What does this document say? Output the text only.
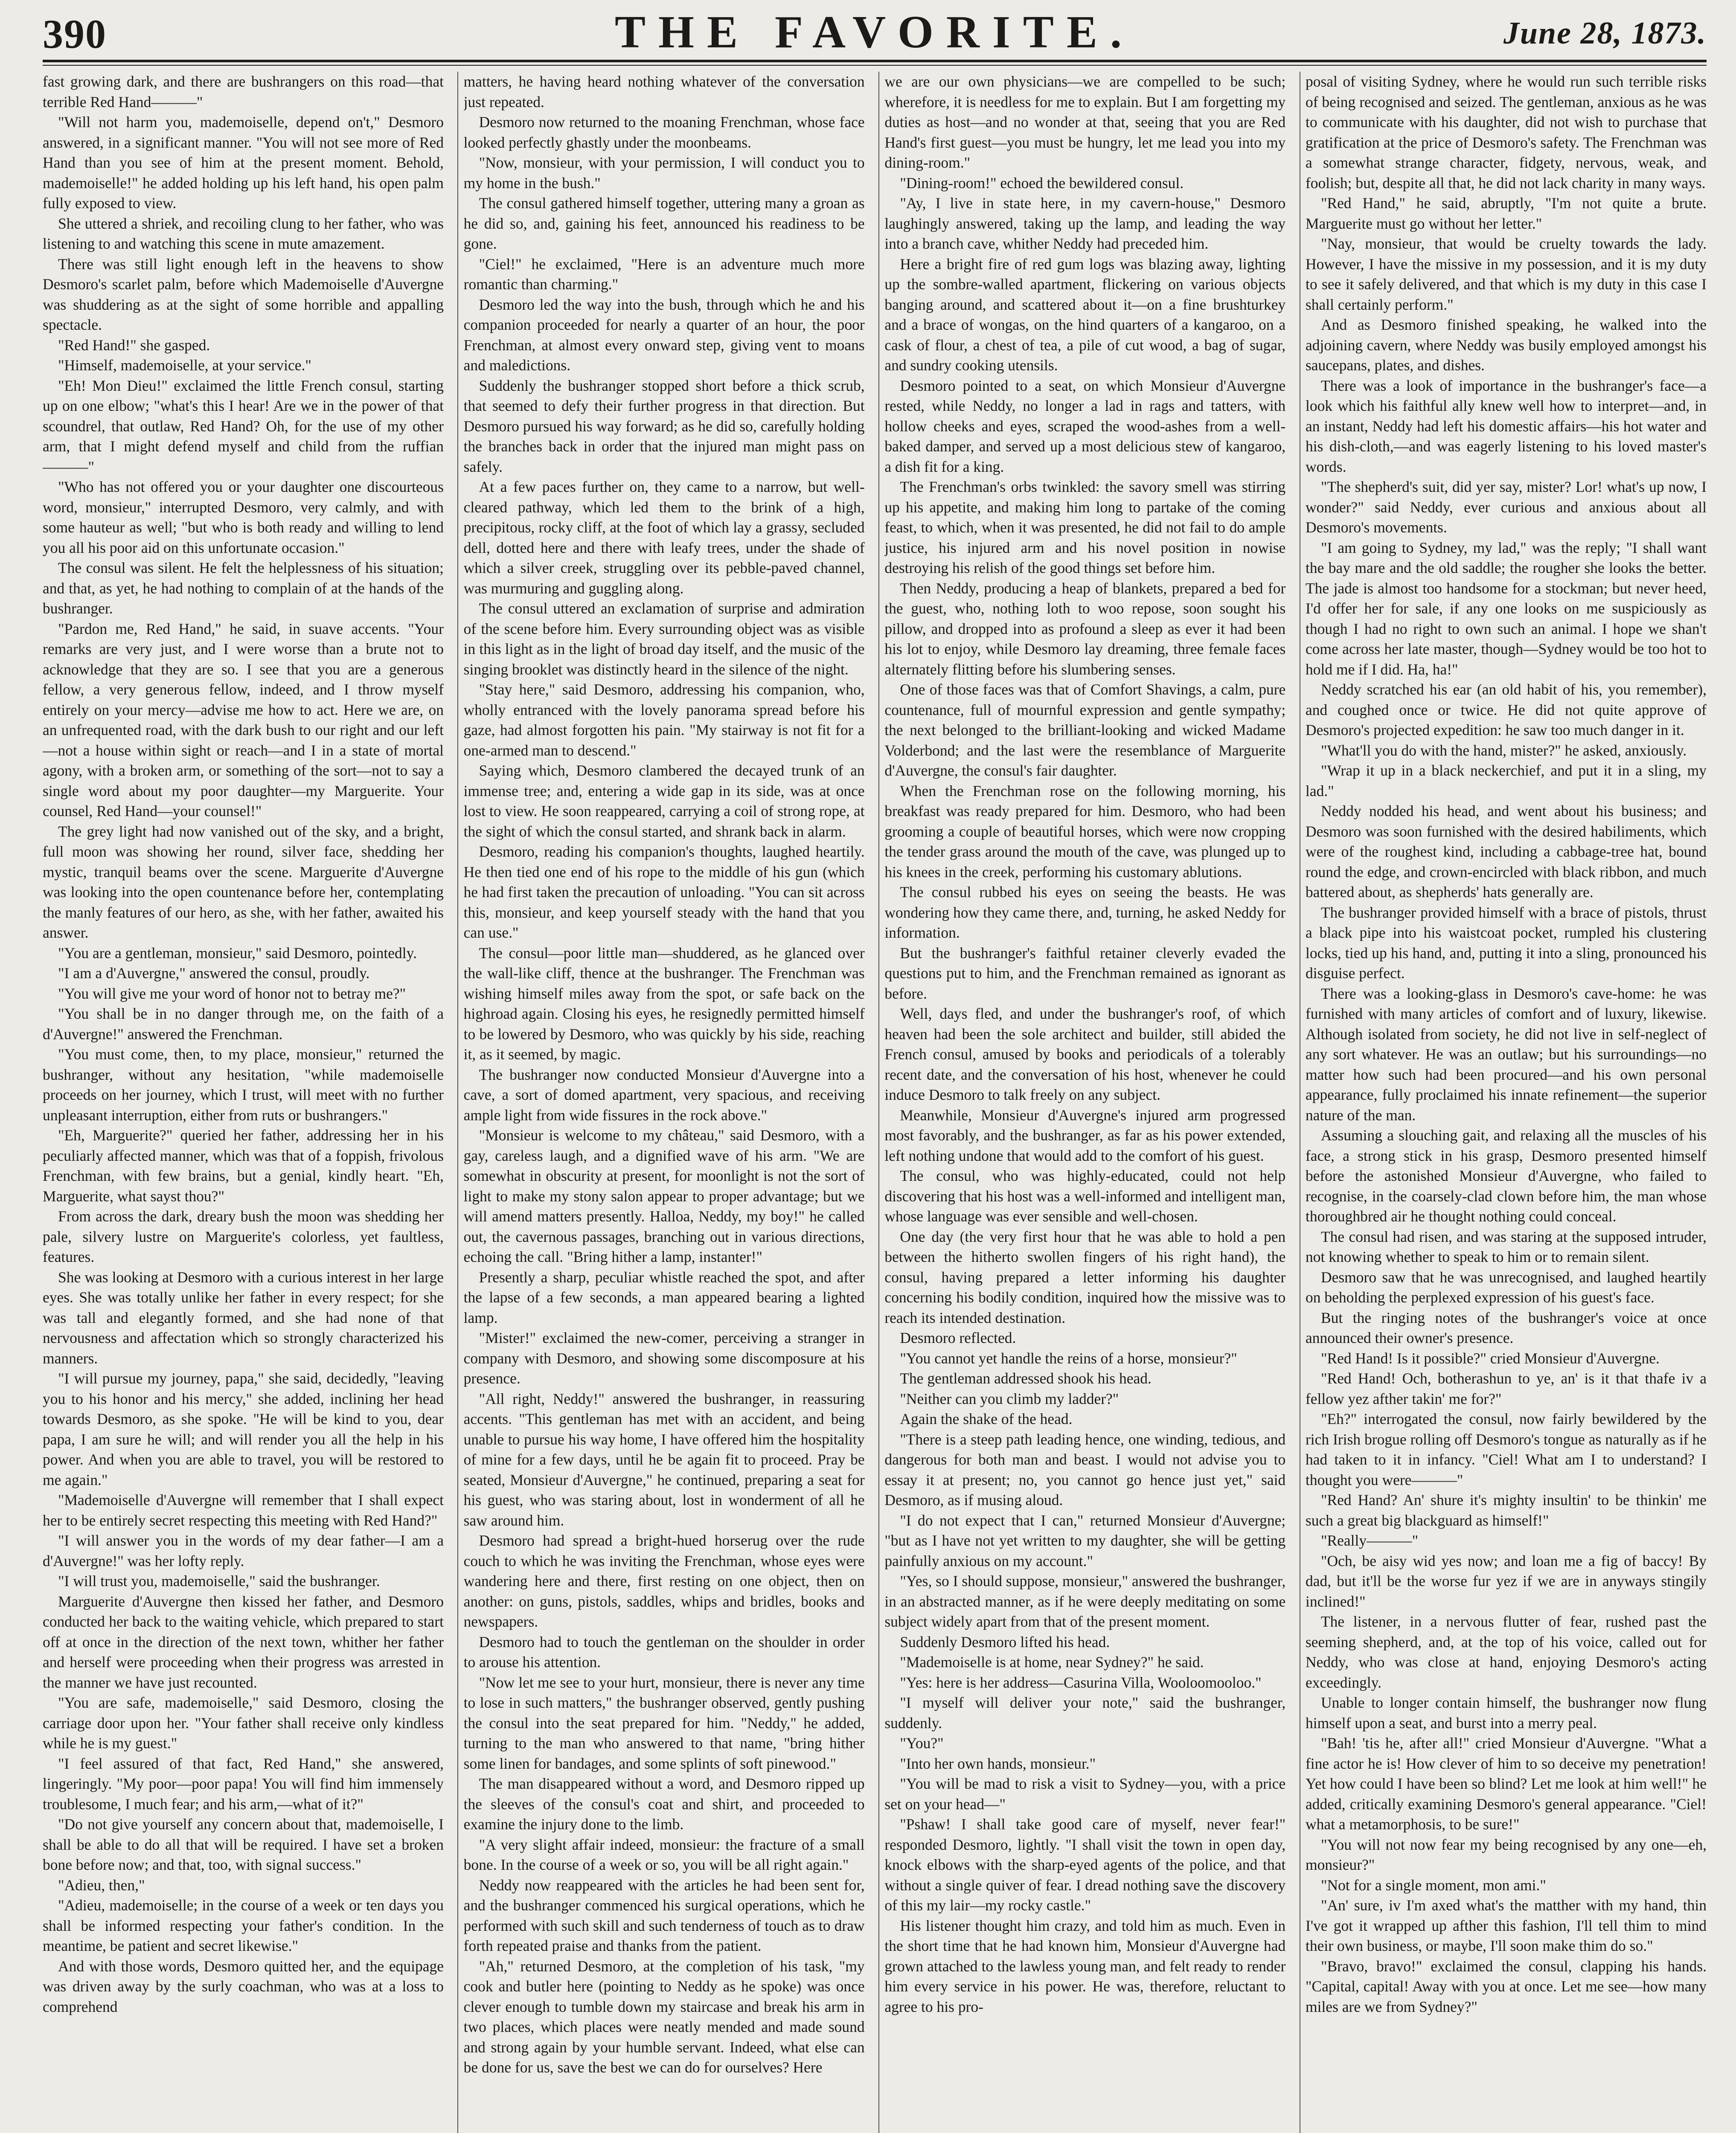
390	THE FAVORITE.	June 28, 1873.

fast growing dark, and there are bushrangers on this road—that terrible Red Hand———"

"Will not harm you, mademoiselle, depend on't," Desmoro answered, in a significant manner. "You will not see more of Red Hand than you see of him at the present moment. Behold, mademoiselle!" he added holding up his left hand, his open palm fully exposed to view.

She uttered a shriek, and recoiling clung to her father, who was listening to and watching this scene in mute amazement.

There was still light enough left in the heavens to show Desmoro's scarlet palm, before which Mademoiselle d'Auvergne was shuddering as at the sight of some horrible and appalling spectacle.

"Red Hand!" she gasped.

"Himself, mademoiselle, at your service."

"Eh! Mon Dieu!" exclaimed the little French consul, starting up on one elbow; "what's this I hear! Are we in the power of that scoundrel, that outlaw, Red Hand? Oh, for the use of my other arm, that I might defend myself and child from the ruffian———"

"Who has not offered you or your daughter one discourteous word, monsieur," interrupted Desmoro, very calmly, and with some hauteur as well; "but who is both ready and willing to lend you all his poor aid on this unfortunate occasion."

The consul was silent. He felt the helplessness of his situation; and that, as yet, he had nothing to complain of at the hands of the bushranger.

"Pardon me, Red Hand," he said, in suave accents. "Your remarks are very just, and I were worse than a brute not to acknowledge that they are so. I see that you are a generous fellow, a very generous fellow, indeed, and I throw myself entirely on your mercy—advise me how to act. Here we are, on an unfrequented road, with the dark bush to our right and our left—not a house within sight or reach—and I in a state of mortal agony, with a broken arm, or something of the sort—not to say a single word about my poor daughter—my Marguerite. Your counsel, Red Hand—your counsel!"

The grey light had now vanished out of the sky, and a bright, full moon was showing her round, silver face, shedding her mystic, tranquil beams over the scene. Marguerite d'Auvergne was looking into the open countenance before her, contemplating the manly features of our hero, as she, with her father, awaited his answer.

"You are a gentleman, monsieur," said Desmoro, pointedly.

"I am a d'Auvergne," answered the consul, proudly.

"You will give me your word of honor not to betray me?"

"You shall be in no danger through me, on the faith of a d'Auvergne!" answered the Frenchman.

"You must come, then, to my place, monsieur," returned the bushranger, without any hesitation, "while mademoiselle proceeds on her journey, which I trust, will meet with no further unpleasant interruption, either from ruts or bushrangers."

"Eh, Marguerite?" queried her father, addressing her in his peculiarly affected manner, which was that of a foppish, frivolous Frenchman, with few brains, but a genial, kindly heart. "Eh, Marguerite, what sayst thou?"

From across the dark, dreary bush the moon was shedding her pale, silvery lustre on Marguerite's colorless, yet faultless, features.

She was looking at Desmoro with a curious interest in her large eyes. She was totally unlike her father in every respect; for she was tall and elegantly formed, and she had none of that nervousness and affectation which so strongly characterized his manners.

"I will pursue my journey, papa," she said, decidedly, "leaving you to his honor and his mercy," she added, inclining her head towards Desmoro, as she spoke. "He will be kind to you, dear papa, I am sure he will; and will render you all the help in his power. And when you are able to travel, you will be restored to me again."

"Mademoiselle d'Auvergne will remember that I shall expect her to be entirely secret respecting this meeting with Red Hand?"

"I will answer you in the words of my dear father—I am a d'Auvergne!" was her lofty reply.

"I will trust you, mademoiselle," said the bushranger.

Marguerite d'Auvergne then kissed her father, and Desmoro conducted her back to the waiting vehicle, which prepared to start off at once in the direction of the next town, whither her father and herself were proceeding when their progress was arrested in the manner we have just recounted.

"You are safe, mademoiselle," said Desmoro, closing the carriage door upon her. "Your father shall receive only kindless while he is my guest."

"I feel assured of that fact, Red Hand," she answered, lingeringly. "My poor—poor papa! You will find him immensely troublesome, I much fear; and his arm,—what of it?"

"Do not give yourself any concern about that, mademoiselle, I shall be able to do all that will be required. I have set a broken bone before now; and that, too, with signal success."

"Adieu, then,"

"Adieu, mademoiselle; in the course of a week or ten days you shall be informed respecting your father's condition. In the meantime, be patient and secret likewise."

And with those words, Desmoro quitted her, and the equipage was driven away by the surly coachman, who was at a loss to comprehend

matters, he having heard nothing whatever of the conversation just repeated.

Desmoro now returned to the moaning Frenchman, whose face looked perfectly ghastly under the moonbeams.

"Now, monsieur, with your permission, I will conduct you to my home in the bush."

The consul gathered himself together, uttering many a groan as he did so, and, gaining his feet, announced his readiness to be gone.

"Ciel!" he exclaimed, "Here is an adventure much more romantic than charming."

Desmoro led the way into the bush, through which he and his companion proceeded for nearly a quarter of an hour, the poor Frenchman, at almost every onward step, giving vent to moans and maledictions.

Suddenly the bushranger stopped short before a thick scrub, that seemed to defy their further progress in that direction. But Desmoro pursued his way forward; as he did so, carefully holding the branches back in order that the injured man might pass on safely.

At a few paces further on, they came to a narrow, but well-cleared pathway, which led them to the brink of a high, precipitous, rocky cliff, at the foot of which lay a grassy, secluded dell, dotted here and there with leafy trees, under the shade of which a silver creek, struggling over its pebble-paved channel, was murmuring and guggling along.

The consul uttered an exclamation of surprise and admiration of the scene before him. Every surrounding object was as visible in this light as in the light of broad day itself, and the music of the singing brooklet was distinctly heard in the silence of the night.

"Stay here," said Desmoro, addressing his companion, who, wholly entranced with the lovely panorama spread before his gaze, had almost forgotten his pain. "My stairway is not fit for a one-armed man to descend."

Saying which, Desmoro clambered the decayed trunk of an immense tree; and, entering a wide gap in its side, was at once lost to view. He soon reappeared, carrying a coil of strong rope, at the sight of which the consul started, and shrank back in alarm.

Desmoro, reading his companion's thoughts, laughed heartily. He then tied one end of his rope to the middle of his gun (which he had first taken the precaution of unloading. "You can sit across this, monsieur, and keep yourself steady with the hand that you can use."

The consul—poor little man—shuddered, as he glanced over the wall-like cliff, thence at the bushranger. The Frenchman was wishing himself miles away from the spot, or safe back on the highroad again. Closing his eyes, he resignedly permitted himself to be lowered by Desmoro, who was quickly by his side, reaching it, as it seemed, by magic.

The bushranger now conducted Monsieur d'Auvergne into a cave, a sort of domed apartment, very spacious, and receiving ample light from wide fissures in the rock above."

"Monsieur is welcome to my château," said Desmoro, with a gay, careless laugh, and a dignified wave of his arm. "We are somewhat in obscurity at present, for moonlight is not the sort of light to make my stony salon appear to proper advantage; but we will amend matters presently. Halloa, Neddy, my boy!" he called out, the cavernous passages, branching out in various directions, echoing the call. "Bring hither a lamp, instanter!"

Presently a sharp, peculiar whistle reached the spot, and after the lapse of a few seconds, a man appeared bearing a lighted lamp.

"Mister!" exclaimed the new-comer, perceiving a stranger in company with Desmoro, and showing some discomposure at his presence.

"All right, Neddy!" answered the bushranger, in reassuring accents. "This gentleman has met with an accident, and being unable to pursue his way home, I have offered him the hospitality of mine for a few days, until he be again fit to proceed. Pray be seated, Monsieur d'Auvergne," he continued, preparing a seat for his guest, who was staring about, lost in wonderment of all he saw around him.

Desmoro had spread a bright-hued horserug over the rude couch to which he was inviting the Frenchman, whose eyes were wandering here and there, first resting on one object, then on another: on guns, pistols, saddles, whips and bridles, books and newspapers.

Desmoro had to touch the gentleman on the shoulder in order to arouse his attention.

"Now let me see to your hurt, monsieur, there is never any time to lose in such matters," the bushranger observed, gently pushing the consul into the seat prepared for him. "Neddy," he added, turning to the man who answered to that name, "bring hither some linen for bandages, and some splints of soft pinewood."

The man disappeared without a word, and Desmoro ripped up the sleeves of the consul's coat and shirt, and proceeded to examine the injury done to the limb.

"A very slight affair indeed, monsieur: the fracture of a small bone. In the course of a week or so, you will be all right again."

Neddy now reappeared with the articles he had been sent for, and the bushranger commenced his surgical operations, which he performed with such skill and such tenderness of touch as to draw forth repeated praise and thanks from the patient.

"Ah," returned Desmoro, at the completion of his task, "my cook and butler here (pointing to Neddy as he spoke) was once clever enough to tumble down my staircase and break his arm in two places, which places were neatly mended and made sound and strong again by your humble servant. Indeed, what else can be done for us, save the best we can do for ourselves? Here

we are our own physicians—we are compelled to be such; wherefore, it is needless for me to explain. But I am forgetting my duties as host—and no wonder at that, seeing that you are Red Hand's first guest—you must be hungry, let me lead you into my dining-room."

"Dining-room!" echoed the bewildered consul.

"Ay, I live in state here, in my cavern-house," Desmoro laughingly answered, taking up the lamp, and leading the way into a branch cave, whither Neddy had preceded him.

Here a bright fire of red gum logs was blazing away, lighting up the sombre-walled apartment, flickering on various objects banging around, and scattered about it—on a fine brushturkey and a brace of wongas, on the hind quarters of a kangaroo, on a cask of flour, a chest of tea, a pile of cut wood, a bag of sugar, and sundry cooking utensils.

Desmoro pointed to a seat, on which Monsieur d'Auvergne rested, while Neddy, no longer a lad in rags and tatters, with hollow cheeks and eyes, scraped the wood-ashes from a well-baked damper, and served up a most delicious stew of kangaroo, a dish fit for a king.

The Frenchman's orbs twinkled: the savory smell was stirring up his appetite, and making him long to partake of the coming feast, to which, when it was presented, he did not fail to do ample justice, his injured arm and his novel position in nowise destroying his relish of the good things set before him.

Then Neddy, producing a heap of blankets, prepared a bed for the guest, who, nothing loth to woo repose, soon sought his pillow, and dropped into as profound a sleep as ever it had been his lot to enjoy, while Desmoro lay dreaming, three female faces alternately flitting before his slumbering senses.

One of those faces was that of Comfort Shavings, a calm, pure countenance, full of mournful expression and gentle sympathy; the next belonged to the brilliant-looking and wicked Madame Volderbond; and the last were the resemblance of Marguerite d'Auvergne, the consul's fair daughter.

When the Frenchman rose on the following morning, his breakfast was ready prepared for him. Desmoro, who had been grooming a couple of beautiful horses, which were now cropping the tender grass around the mouth of the cave, was plunged up to his knees in the creek, performing his customary ablutions.

The consul rubbed his eyes on seeing the beasts. He was wondering how they came there, and, turning, he asked Neddy for information.

But the bushranger's faithful retainer cleverly evaded the questions put to him, and the Frenchman remained as ignorant as before.

Well, days fled, and under the bushranger's roof, of which heaven had been the sole architect and builder, still abided the French consul, amused by books and periodicals of a tolerably recent date, and the conversation of his host, whenever he could induce Desmoro to talk freely on any subject.

Meanwhile, Monsieur d'Auvergne's injured arm progressed most favorably, and the bushranger, as far as his power extended, left nothing undone that would add to the comfort of his guest.

The consul, who was highly-educated, could not help discovering that his host was a well-informed and intelligent man, whose language was ever sensible and well-chosen.

One day (the very first hour that he was able to hold a pen between the hitherto swollen fingers of his right hand), the consul, having prepared a letter informing his daughter concerning his bodily condition, inquired how the missive was to reach its intended destination.

Desmoro reflected.

"You cannot yet handle the reins of a horse, monsieur?"

The gentleman addressed shook his head.

"Neither can you climb my ladder?"

Again the shake of the head.

"There is a steep path leading hence, one winding, tedious, and dangerous for both man and beast. I would not advise you to essay it at present; no, you cannot go hence just yet," said Desmoro, as if musing aloud.

"I do not expect that I can," returned Monsieur d'Auvergne; "but as I have not yet written to my daughter, she will be getting painfully anxious on my account."

"Yes, so I should suppose, monsieur," answered the bushranger, in an abstracted manner, as if he were deeply meditating on some subject widely apart from that of the present moment.

Suddenly Desmoro lifted his head.

"Mademoiselle is at home, near Sydney?" he said.

"Yes: here is her address—Casurina Villa, Wooloomooloo."

"I myself will deliver your note," said the bushranger, suddenly.

"You?"

"Into her own hands, monsieur."

"You will be mad to risk a visit to Sydney—you, with a price set on your head—"

"Pshaw! I shall take good care of myself, never fear!" responded Desmoro, lightly. "I shall visit the town in open day, knock elbows with the sharp-eyed agents of the police, and that without a single quiver of fear. I dread nothing save the discovery of this my lair—my rocky castle."

His listener thought him crazy, and told him as much. Even in the short time that he had known him, Monsieur d'Auvergne had grown attached to the lawless young man, and felt ready to render him every service in his power. He was, therefore, reluctant to agree to his pro-

posal of visiting Sydney, where he would run such terrible risks of being recognised and seized. The gentleman, anxious as he was to communicate with his daughter, did not wish to purchase that gratification at the price of Desmoro's safety. The Frenchman was a somewhat strange character, fidgety, nervous, weak, and foolish; but, despite all that, he did not lack charity in many ways.

"Red Hand," he said, abruptly, "I'm not quite a brute. Marguerite must go without her letter."

"Nay, monsieur, that would be cruelty towards the lady. However, I have the missive in my possession, and it is my duty to see it safely delivered, and that which is my duty in this case I shall certainly perform."

And as Desmoro finished speaking, he walked into the adjoining cavern, where Neddy was busily employed amongst his saucepans, plates, and dishes.

There was a look of importance in the bushranger's face—a look which his faithful ally knew well how to interpret—and, in an instant, Neddy had left his domestic affairs—his hot water and his dish-cloth,—and was eagerly listening to his loved master's words.

"The shepherd's suit, did yer say, mister? Lor! what's up now, I wonder?" said Neddy, ever curious and anxious about all Desmoro's movements.

"I am going to Sydney, my lad," was the reply; "I shall want the bay mare and the old saddle; the rougher she looks the better. The jade is almost too handsome for a stockman; but never heed, I'd offer her for sale, if any one looks on me suspiciously as though I had no right to own such an animal. I hope we shan't come across her late master, though—Sydney would be too hot to hold me if I did. Ha, ha!"

Neddy scratched his ear (an old habit of his, you remember), and coughed once or twice. He did not quite approve of Desmoro's projected expedition: he saw too much danger in it.

"What'll you do with the hand, mister?" he asked, anxiously.

"Wrap it up in a black neckerchief, and put it in a sling, my lad."

Neddy nodded his head, and went about his business; and Desmoro was soon furnished with the desired habiliments, which were of the roughest kind, including a cabbage-tree hat, bound round the edge, and crown-encircled with black ribbon, and much battered about, as shepherds' hats generally are.

The bushranger provided himself with a brace of pistols, thrust a black pipe into his waistcoat pocket, rumpled his clustering locks, tied up his hand, and, putting it into a sling, pronounced his disguise perfect.

There was a looking-glass in Desmoro's cave-home: he was furnished with many articles of comfort and of luxury, likewise. Although isolated from society, he did not live in self-neglect of any sort whatever. He was an outlaw; but his surroundings—no matter how such had been procured—and his own personal appearance, fully proclaimed his innate refinement—the superior nature of the man.

Assuming a slouching gait, and relaxing all the muscles of his face, a strong stick in his grasp, Desmoro presented himself before the astonished Monsieur d'Auvergne, who failed to recognise, in the coarsely-clad clown before him, the man whose thoroughbred air he thought nothing could conceal.

The consul had risen, and was staring at the supposed intruder, not knowing whether to speak to him or to remain silent.

Desmoro saw that he was unrecognised, and laughed heartily on beholding the perplexed expression of his guest's face.

But the ringing notes of the bushranger's voice at once announced their owner's presence.

"Red Hand! Is it possible?" cried Monsieur d'Auvergne.

"Red Hand! Och, botherashun to ye, an' is it that thafe iv a fellow yez afther takin' me for?"

"Eh?" interrogated the consul, now fairly bewildered by the rich Irish brogue rolling off Desmoro's tongue as naturally as if he had taken to it in infancy. "Ciel! What am I to understand? I thought you were———"

"Red Hand? An' shure it's mighty insultin' to be thinkin' me such a great big blackguard as himself!"

"Really———"

"Och, be aisy wid yes now; and loan me a fig of baccy! By dad, but it'll be the worse fur yez if we are in anyways stingily inclined!"

The listener, in a nervous flutter of fear, rushed past the seeming shepherd, and, at the top of his voice, called out for Neddy, who was close at hand, enjoying Desmoro's acting exceedingly.

Unable to longer contain himself, the bushranger now flung himself upon a seat, and burst into a merry peal.

"Bah! 'tis he, after all!" cried Monsieur d'Auvergne. "What a fine actor he is! How clever of him to so deceive my penetration! Yet how could I have been so blind? Let me look at him well!" he added, critically examining Desmoro's general appearance. "Ciel! what a metamorphosis, to be sure!"

"You will not now fear my being recognised by any one—eh, monsieur?"

"Not for a single moment, mon ami."

"An' sure, iv I'm axed what's the matther with my hand, thin I've got it wrapped up afther this fashion, I'll tell thim to mind their own business, or maybe, I'll soon make thim do so."

"Bravo, bravo!" exclaimed the consul, clapping his hands. "Capital, capital! Away with you at once. Let me see—how many miles are we from Sydney?"
